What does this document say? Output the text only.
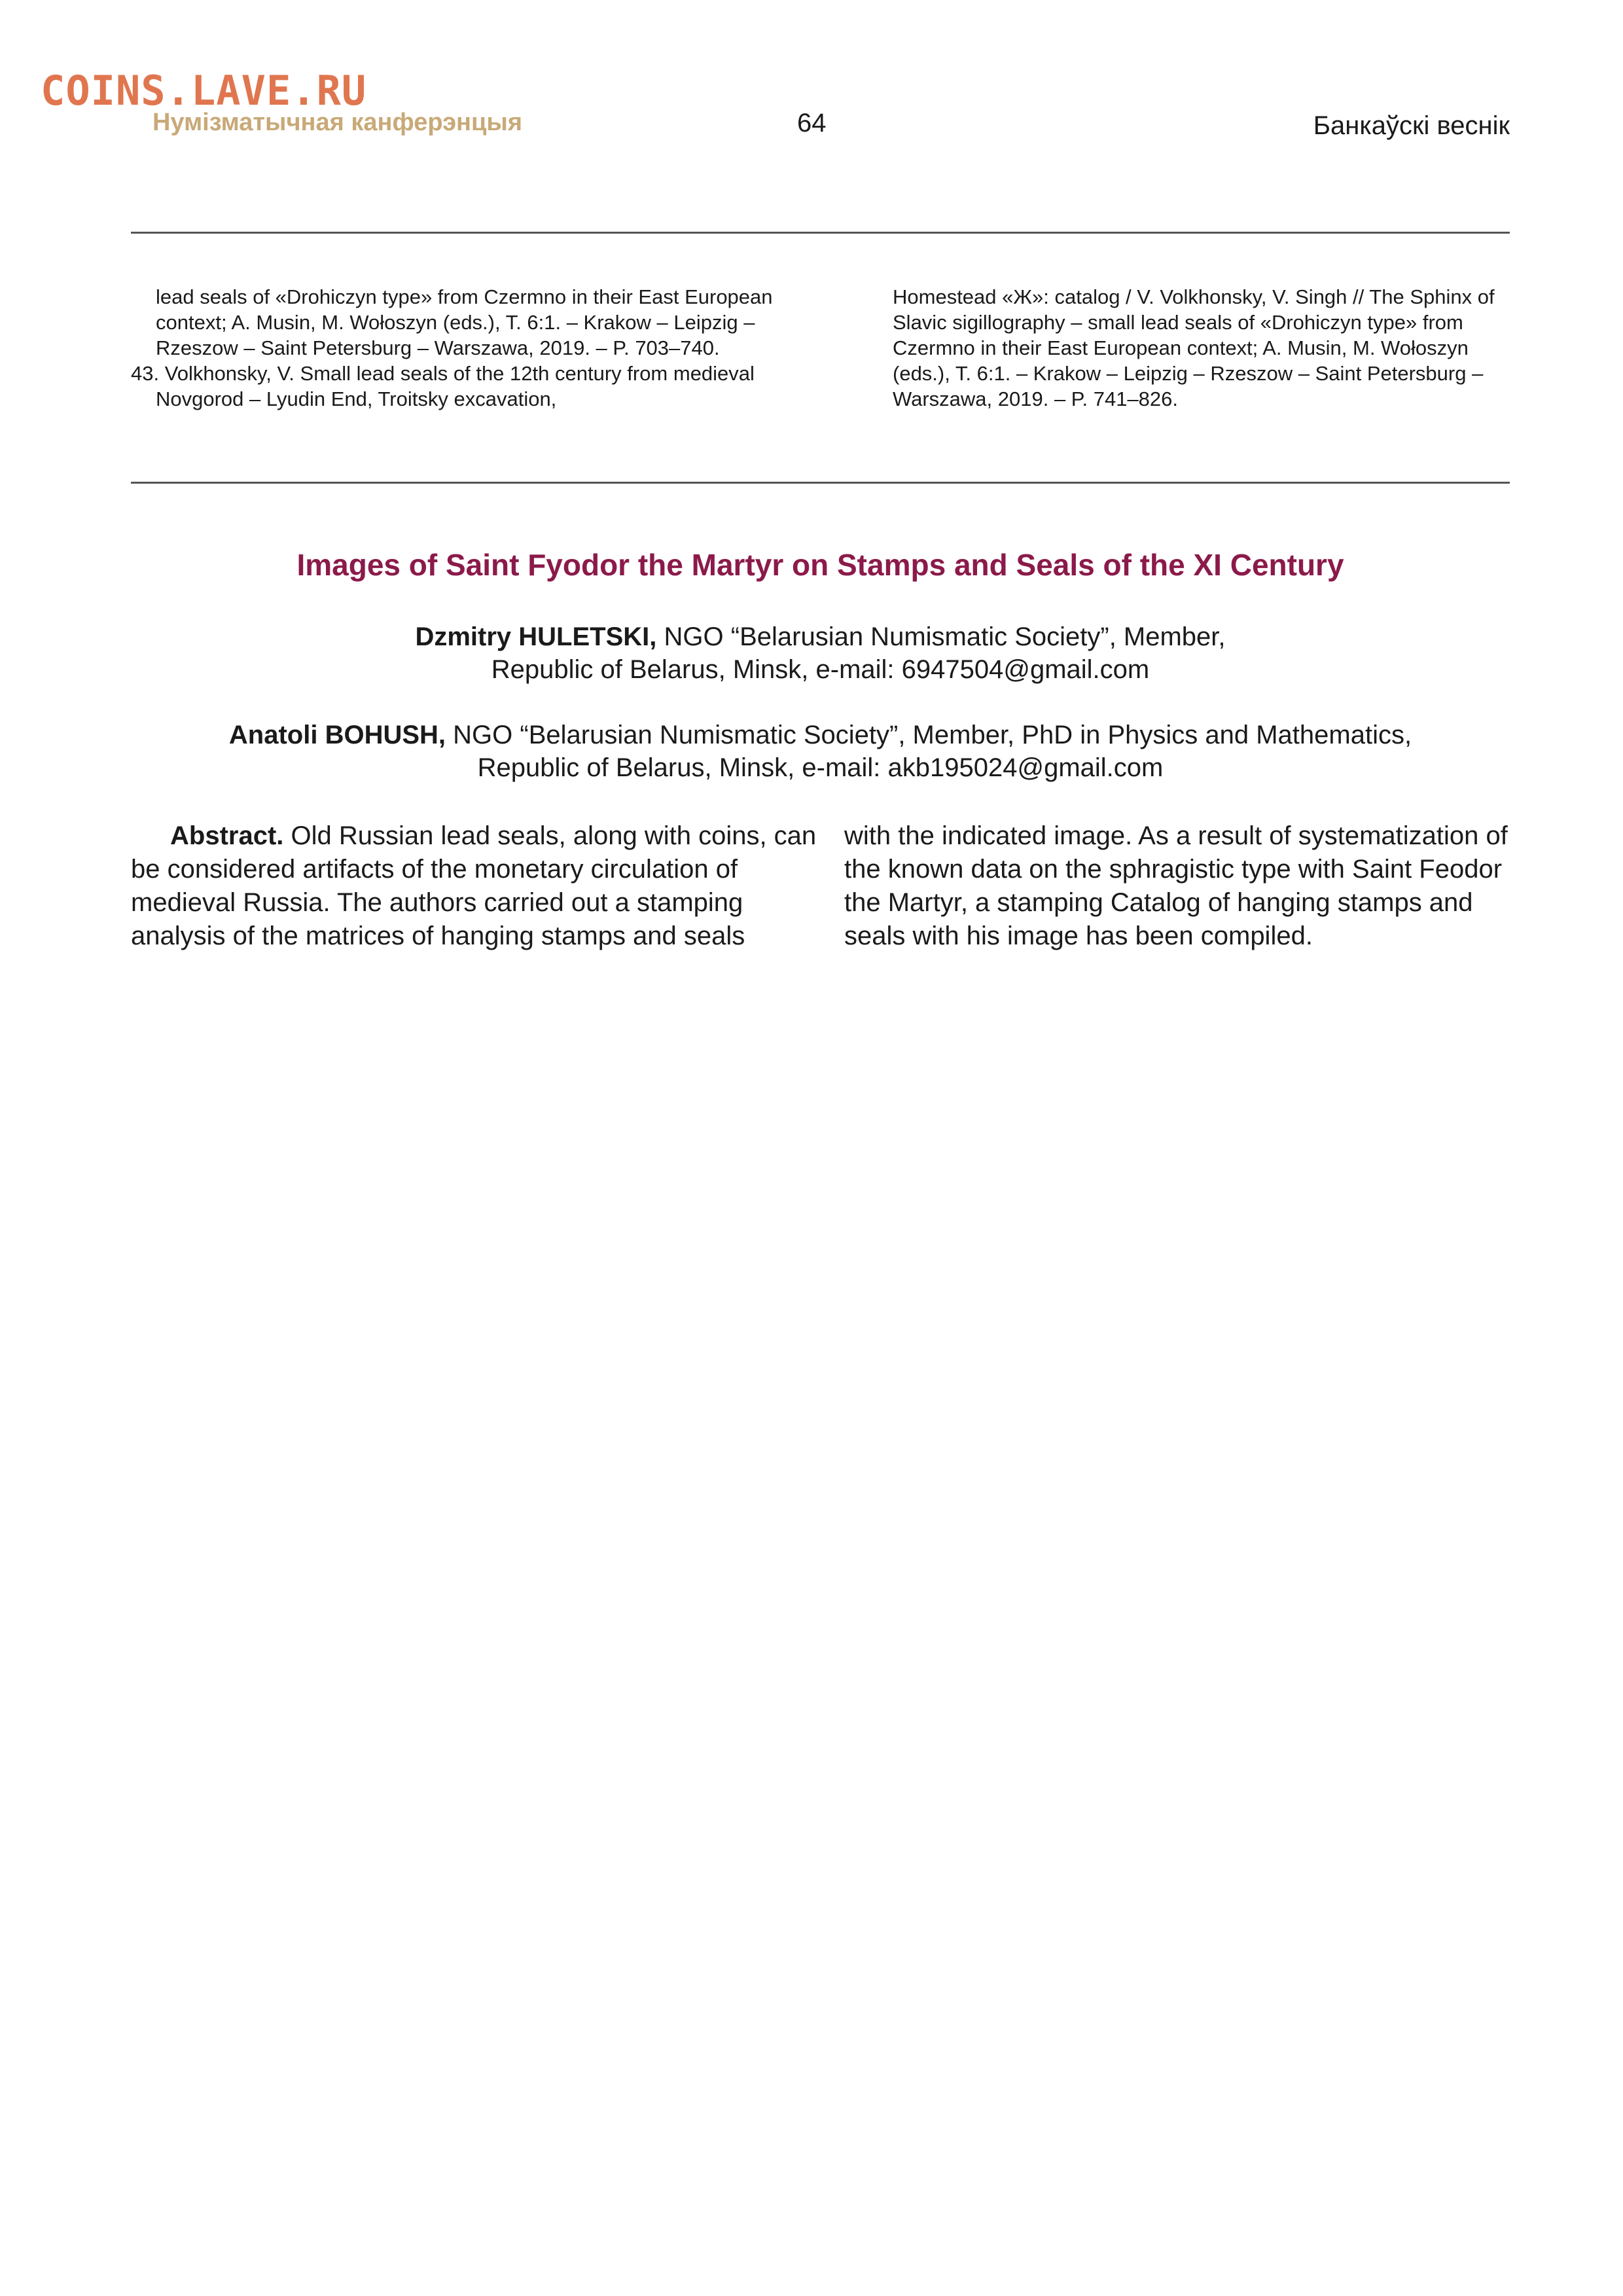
COINS.LAVE.RU
Нумізматычная канферэнцыя	64	Банкаўскі веснік

lead seals of «Drohiczyn type» from Czermno in their East European context; A. Musin, M. Wołoszyn (eds.), T. 6:1. – Krakow – Leipzig – Rzeszow – Saint Petersburg – Warszawa, 2019. – P. 703–740.

43. Volkhonsky, V. Small lead seals of the 12th century from medieval Novgorod – Lyudin End, Troitsky excavation,

Homestead «Ж»: catalog / V. Volkhonsky, V. Singh // The Sphinx of Slavic sigillography – small lead seals of «Drohiczyn type» from Czermno in their East European context; A. Musin, M. Wołoszyn (eds.), T. 6:1. – Krakow – Leipzig – Rzeszow – Saint Petersburg – Warszawa, 2019. – P. 741–826.

Images of Saint Fyodor the Martyr on Stamps and Seals of the XI Century
Dzmitry HULETSKI, NGO “Belarusian Numismatic Society”, Member,
Republic of Belarus, Minsk, e-mail: 6947504@gmail.com
Anatoli BOHUSH, NGO “Belarusian Numismatic Society”, Member, PhD in Physics and Mathematics,
Republic of Belarus, Minsk, e-mail: akb195024@gmail.com

Abstract. Old Russian lead seals, along with coins, can be considered artifacts of the monetary circulation of medieval Russia. The authors carried out a stamping analysis of the matrices of hanging stamps and seals

with the indicated image. As a result of systematization of the known data on the sphragistic type with Saint Feodor the Martyr, a stamping Catalog of hanging stamps and seals with his image has been compiled.
